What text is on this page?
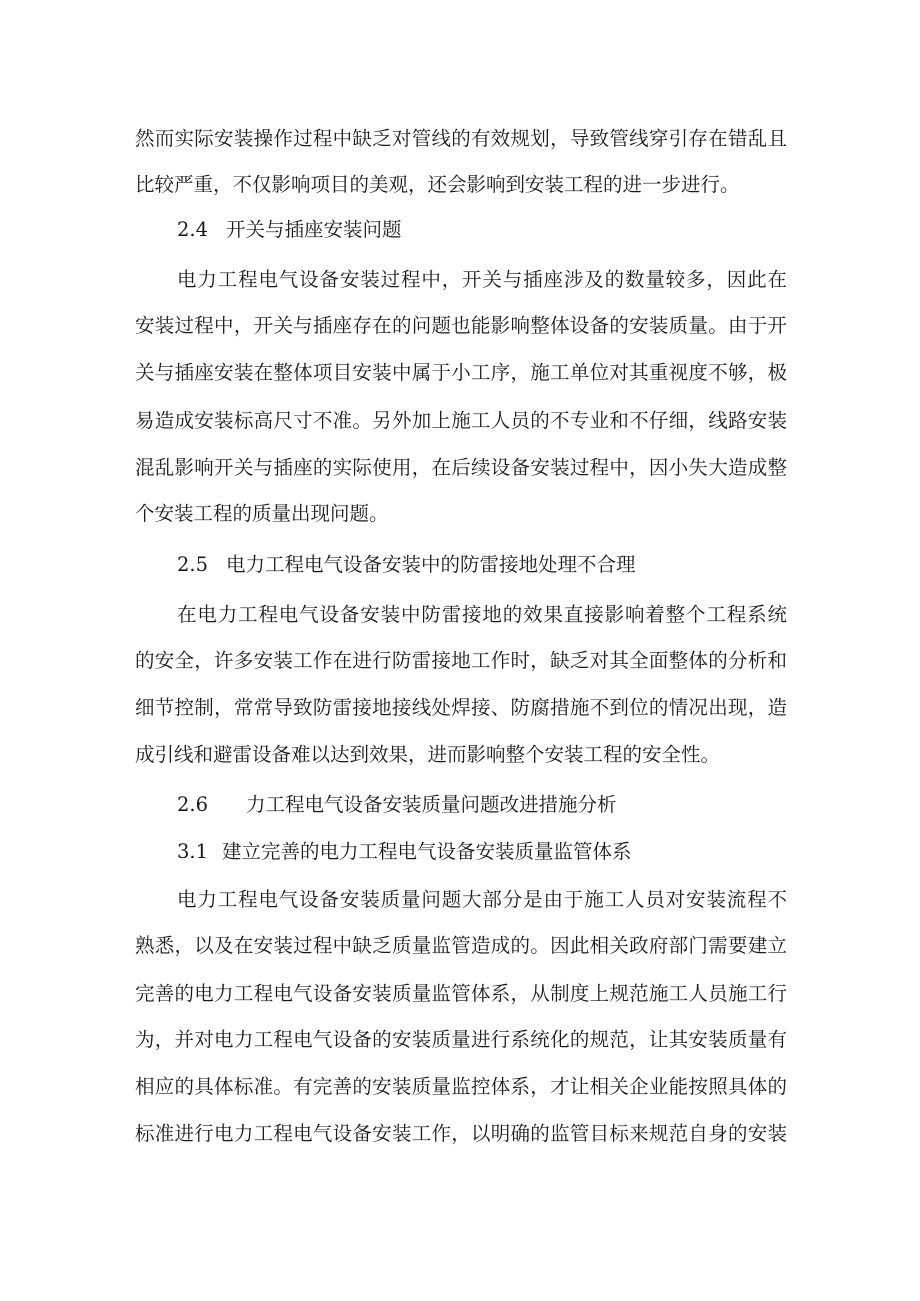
然而实际安装操作过程中缺乏对管线的有效规划，导致管线穿引存在错乱且
比较严重，不仅影响项目的美观，还会影响到安装工程的进一步进行。
2.4 开关与插座安装问题
电力工程电气设备安装过程中，开关与插座涉及的数量较多，因此在
安装过程中，开关与插座存在的问题也能影响整体设备的安装质量。由于开
关与插座安装在整体项目安装中属于小工序，施工单位对其重视度不够，极
易造成安装标高尺寸不准。另外加上施工人员的不专业和不仔细，线路安装
混乱影响开关与插座的实际使用，在后续设备安装过程中，因小失大造成整
个安装工程的质量出现问题。
2.5 电力工程电气设备安装中的防雷接地处理不合理
在电力工程电气设备安装中防雷接地的效果直接影响着整个工程系统
的安全，许多安装工作在进行防雷接地工作时，缺乏对其全面整体的分析和
细节控制，常常导致防雷接地接线处焊接、防腐措施不到位的情况出现，造
成引线和避雷设备难以达到效果，进而影响整个安装工程的安全性。
2.6 力工程电气设备安装质量问题改进措施分析
3.1 建立完善的电力工程电气设备安装质量监管体系
电力工程电气设备安装质量问题大部分是由于施工人员对安装流程不
熟悉，以及在安装过程中缺乏质量监管造成的。因此相关政府部门需要建立
完善的电力工程电气设备安装质量监管体系，从制度上规范施工人员施工行
为，并对电力工程电气设备的安装质量进行系统化的规范，让其安装质量有
相应的具体标准。有完善的安装质量监控体系，才让相关企业能按照具体的
标准进行电力工程电气设备安装工作，以明确的监管目标来规范自身的安装
